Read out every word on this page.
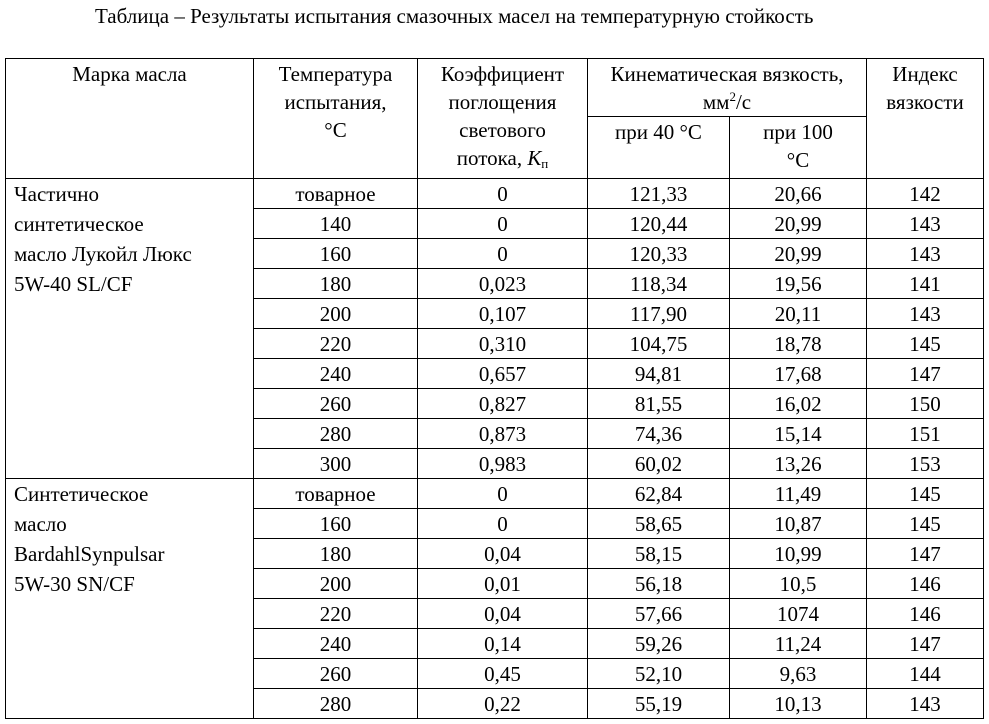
Таблица – Результаты испытания смазочных масел на температурную стойкость
Марка масла	Температура
испытания,
°С	Коэффициент
поглощения
светового
потока, $К_п$	Кинематическая вязкость, $мм^2/с$		Индекс
вязкости

			при 40 °С	при 100
°С	

Частично
синтетическое
масло Лукойл Люкс
5W-40 SL/CF	товарное	0	121,33	20,66	142
	140	0	120,44	20,99	143
	160	0	120,33	20,99	143
	180	0,023	118,34	19,56	141
	200	0,107	117,90	20,11	143
	220	0,310	104,75	18,78	145
	240	0,657	94,81	17,68	147
	260	0,827	81,55	16,02	150
	280	0,873	74,36	15,14	151
	300	0,983	60,02	13,26	153

Синтетическое
масло
BardahlSynpulsar
5W-30 SN/CF	товарное	0	62,84	11,49	145
	160	0	58,65	10,87	145
	180	0,04	58,15	10,99	147
	200	0,01	56,18	10,5	146
	220	0,04	57,66	1074	146
	240	0,14	59,26	11,24	147
	260	0,45	52,10	9,63	144
	280	0,22	55,19	10,13	143
